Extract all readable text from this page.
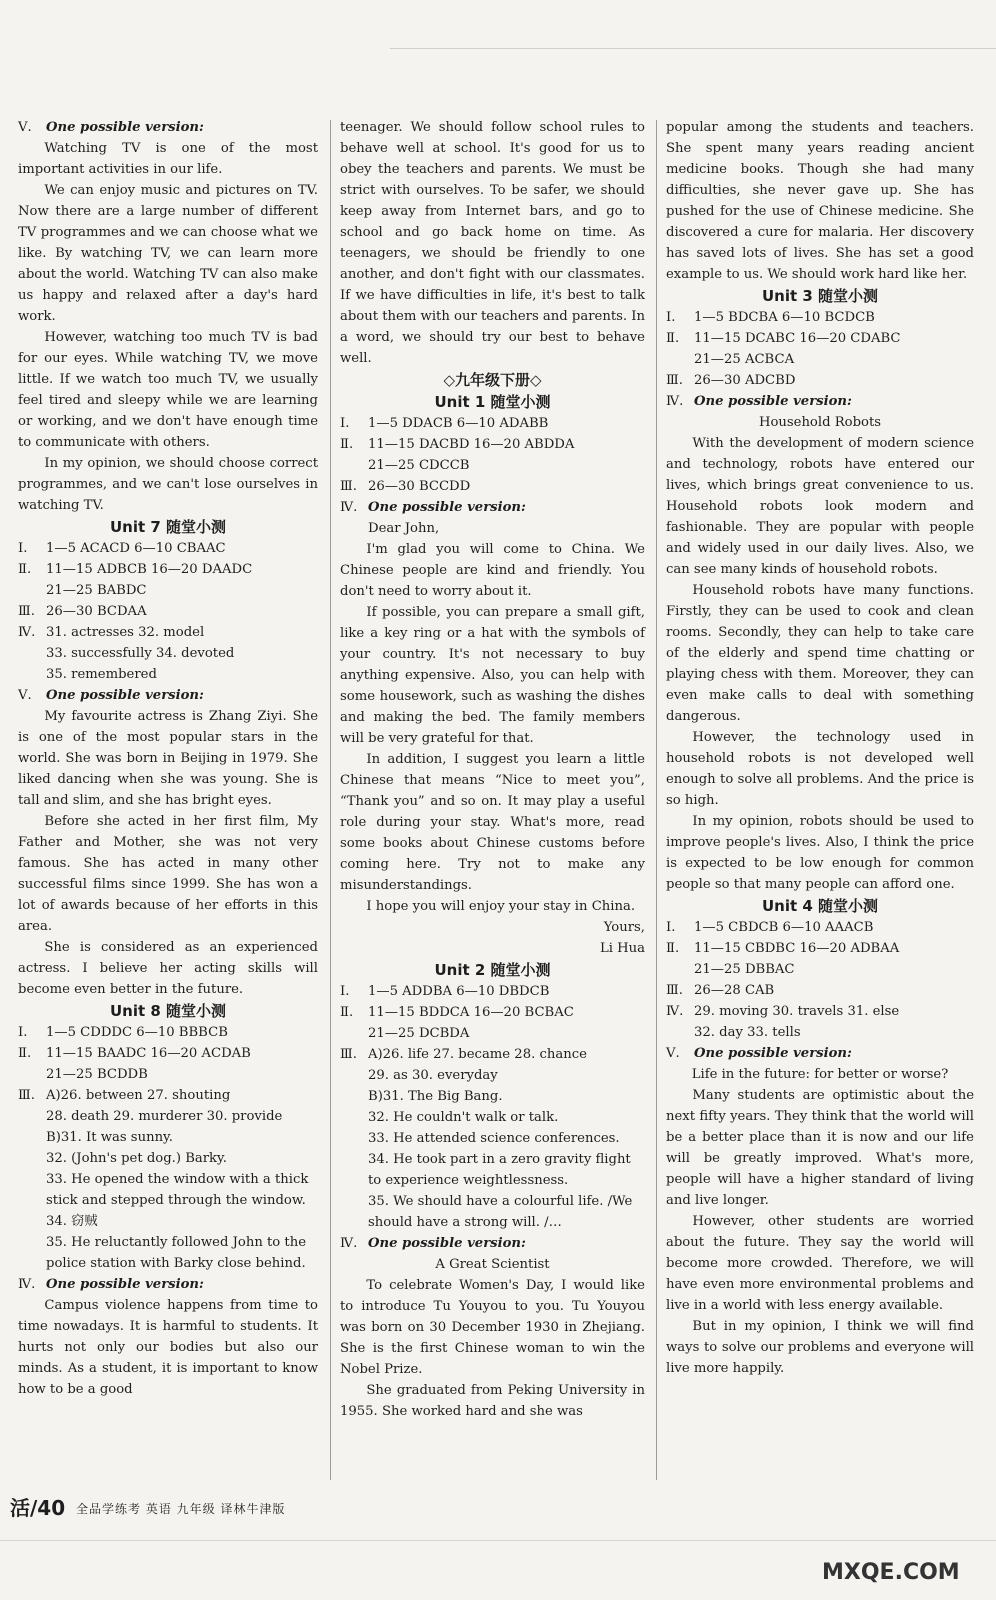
Ⅴ.	One possible version:

Watching TV is one of the most important activities in our life.

We can enjoy music and pictures on TV. Now there are a large number of different TV programmes and we can choose what we like. By watching TV, we can learn more about the world. Watching TV can also make us happy and relaxed after a day's hard work.

However, watching too much TV is bad for our eyes. While watching TV, we move little. If we watch too much TV, we usually feel tired and sleepy while we are learning or working, and we don't have enough time to communicate with others.

In my opinion, we should choose correct programmes, and we can't lose ourselves in watching TV.

Unit 7 随堂小测

Ⅰ.	1—5 ACACD 6—10 CBAAC

Ⅱ.	11—15 ADBCB 16—20 DAADC

21—25 BABDC

Ⅲ. 26—30 BCDAA

Ⅳ. 31. actresses 32. model

33. successfully 34. devoted

35. remembered

Ⅴ.	One possible version:

My favourite actress is Zhang Ziyi. She is one of the most popular stars in the world. She was born in Beijing in 1979. She liked dancing when she was young. She is tall and slim, and she has bright eyes.

Before she acted in her first film, My Father and Mother, she was not very famous. She has acted in many other successful films since 1999. She has won a lot of awards because of her efforts in this area.

She is considered as an experienced actress. I believe her acting skills will become even better in the future.

Unit 8 随堂小测

Ⅰ.	1—5 CDDDC 6—10 BBBCB

Ⅱ.	11—15 BAADC 16—20 ACDAB

21—25 BCDDB

Ⅲ. A)26. between 27. shouting

28. death 29. murderer 30. provide

B)31. It was sunny.

32. (John's pet dog.) Barky.

33. He opened the window with a thick stick and stepped through the window.

34. 窃贼

35. He reluctantly followed John to the police station with Barky close behind.

Ⅳ. One possible version:

Campus violence happens from time to time nowadays. It is harmful to students. It hurts not only our bodies but also our minds. As a student, it is important to know how to be a good

teenager. We should follow school rules to behave well at school. It's good for us to obey the teachers and parents. We must be strict with ourselves. To be safer, we should keep away from Internet bars, and go to school and go back home on time. As teenagers, we should be friendly to one another, and don't fight with our classmates. If we have difficulties in life, it's best to talk about them with our teachers and parents. In a word, we should try our best to behave well.

◇九年级下册◇

Unit 1 随堂小测

Ⅰ.	1—5 DDACB 6—10 ADABB

Ⅱ.	11—15 DACBD 16—20 ABDDA

21—25 CDCCB

Ⅲ. 26—30 BCCDD

Ⅳ. One possible version:

Dear John,

I'm glad you will come to China. We Chinese people are kind and friendly. You don't need to worry about it.

If possible, you can prepare a small gift, like a key ring or a hat with the symbols of your country. It's not necessary to buy anything expensive. Also, you can help with some housework, such as washing the dishes and making the bed. The family members will be very grateful for that.

In addition, I suggest you learn a little Chinese that means “Nice to meet you”, “Thank you” and so on. It may play a useful role during your stay. What's more, read some books about Chinese customs before coming here. Try not to make any misunderstandings.

I hope you will enjoy your stay in China.

Yours,

Li Hua

Unit 2 随堂小测

Ⅰ.	1—5 ADDBA 6—10 DBDCB

Ⅱ.	11—15 BDDCA 16—20 BCBAC

21—25 DCBDA

Ⅲ. A)26. life 27. became 28. chance

29. as 30. everyday

B)31. The Big Bang.

32. He couldn't walk or talk.

33. He attended science conferences.

34. He took part in a zero gravity flight to experience weightlessness.

35. We should have a colourful life. /We should have a strong will. /…

Ⅳ. One possible version:

A Great Scientist

To celebrate Women's Day, I would like to introduce Tu Youyou to you. Tu Youyou was born on 30 December 1930 in Zhejiang. She is the first Chinese woman to win the Nobel Prize.

She graduated from Peking University in 1955. She worked hard and she was

popular among the students and teachers. She spent many years reading ancient medicine books. Though she had many difficulties, she never gave up. She has pushed for the use of Chinese medicine. She discovered a cure for malaria. Her discovery has saved lots of lives. She has set a good example to us. We should work hard like her.

Unit 3 随堂小测

Ⅰ.	1—5 BDCBA 6—10 BCDCB

Ⅱ.	11—15 DCABC 16—20 CDABC

21—25 ACBCA

Ⅲ. 26—30 ADCBD

Ⅳ. One possible version:

Household Robots

With the development of modern science and technology, robots have entered our lives, which brings great convenience to us. Household robots look modern and fashionable. They are popular with people and widely used in our daily lives. Also, we can see many kinds of household robots.

Household robots have many functions. Firstly, they can be used to cook and clean rooms. Secondly, they can help to take care of the elderly and spend time chatting or playing chess with them. Moreover, they can even make calls to deal with something dangerous.

However, the technology used in household robots is not developed well enough to solve all problems. And the price is so high.

In my opinion, robots should be used to improve people's lives. Also, I think the price is expected to be low enough for common people so that many people can afford one.

Unit 4 随堂小测

Ⅰ.	1—5 CBDCB 6—10 AAACB

Ⅱ.	11—15 CBDBC 16—20 ADBAA

21—25 DBBAC

Ⅲ. 26—28 CAB

Ⅳ. 29. moving 30. travels 31. else

32. day 33. tells

Ⅴ.	One possible version:

Life in the future: for better or worse?

Many students are optimistic about the next fifty years. They think that the world will be a better place than it is now and our life will be greatly improved. What's more, people will have a higher standard of living and live longer.

However, other students are worried about the future. They say the world will become more crowded. Therefore, we will have even more environmental problems and live in a world with less energy available.

But in my opinion, I think we will find ways to solve our problems and everyone will live more happily.

活/40 全品学练考 英语 九年级 译林牛津版
MXQE.COM
